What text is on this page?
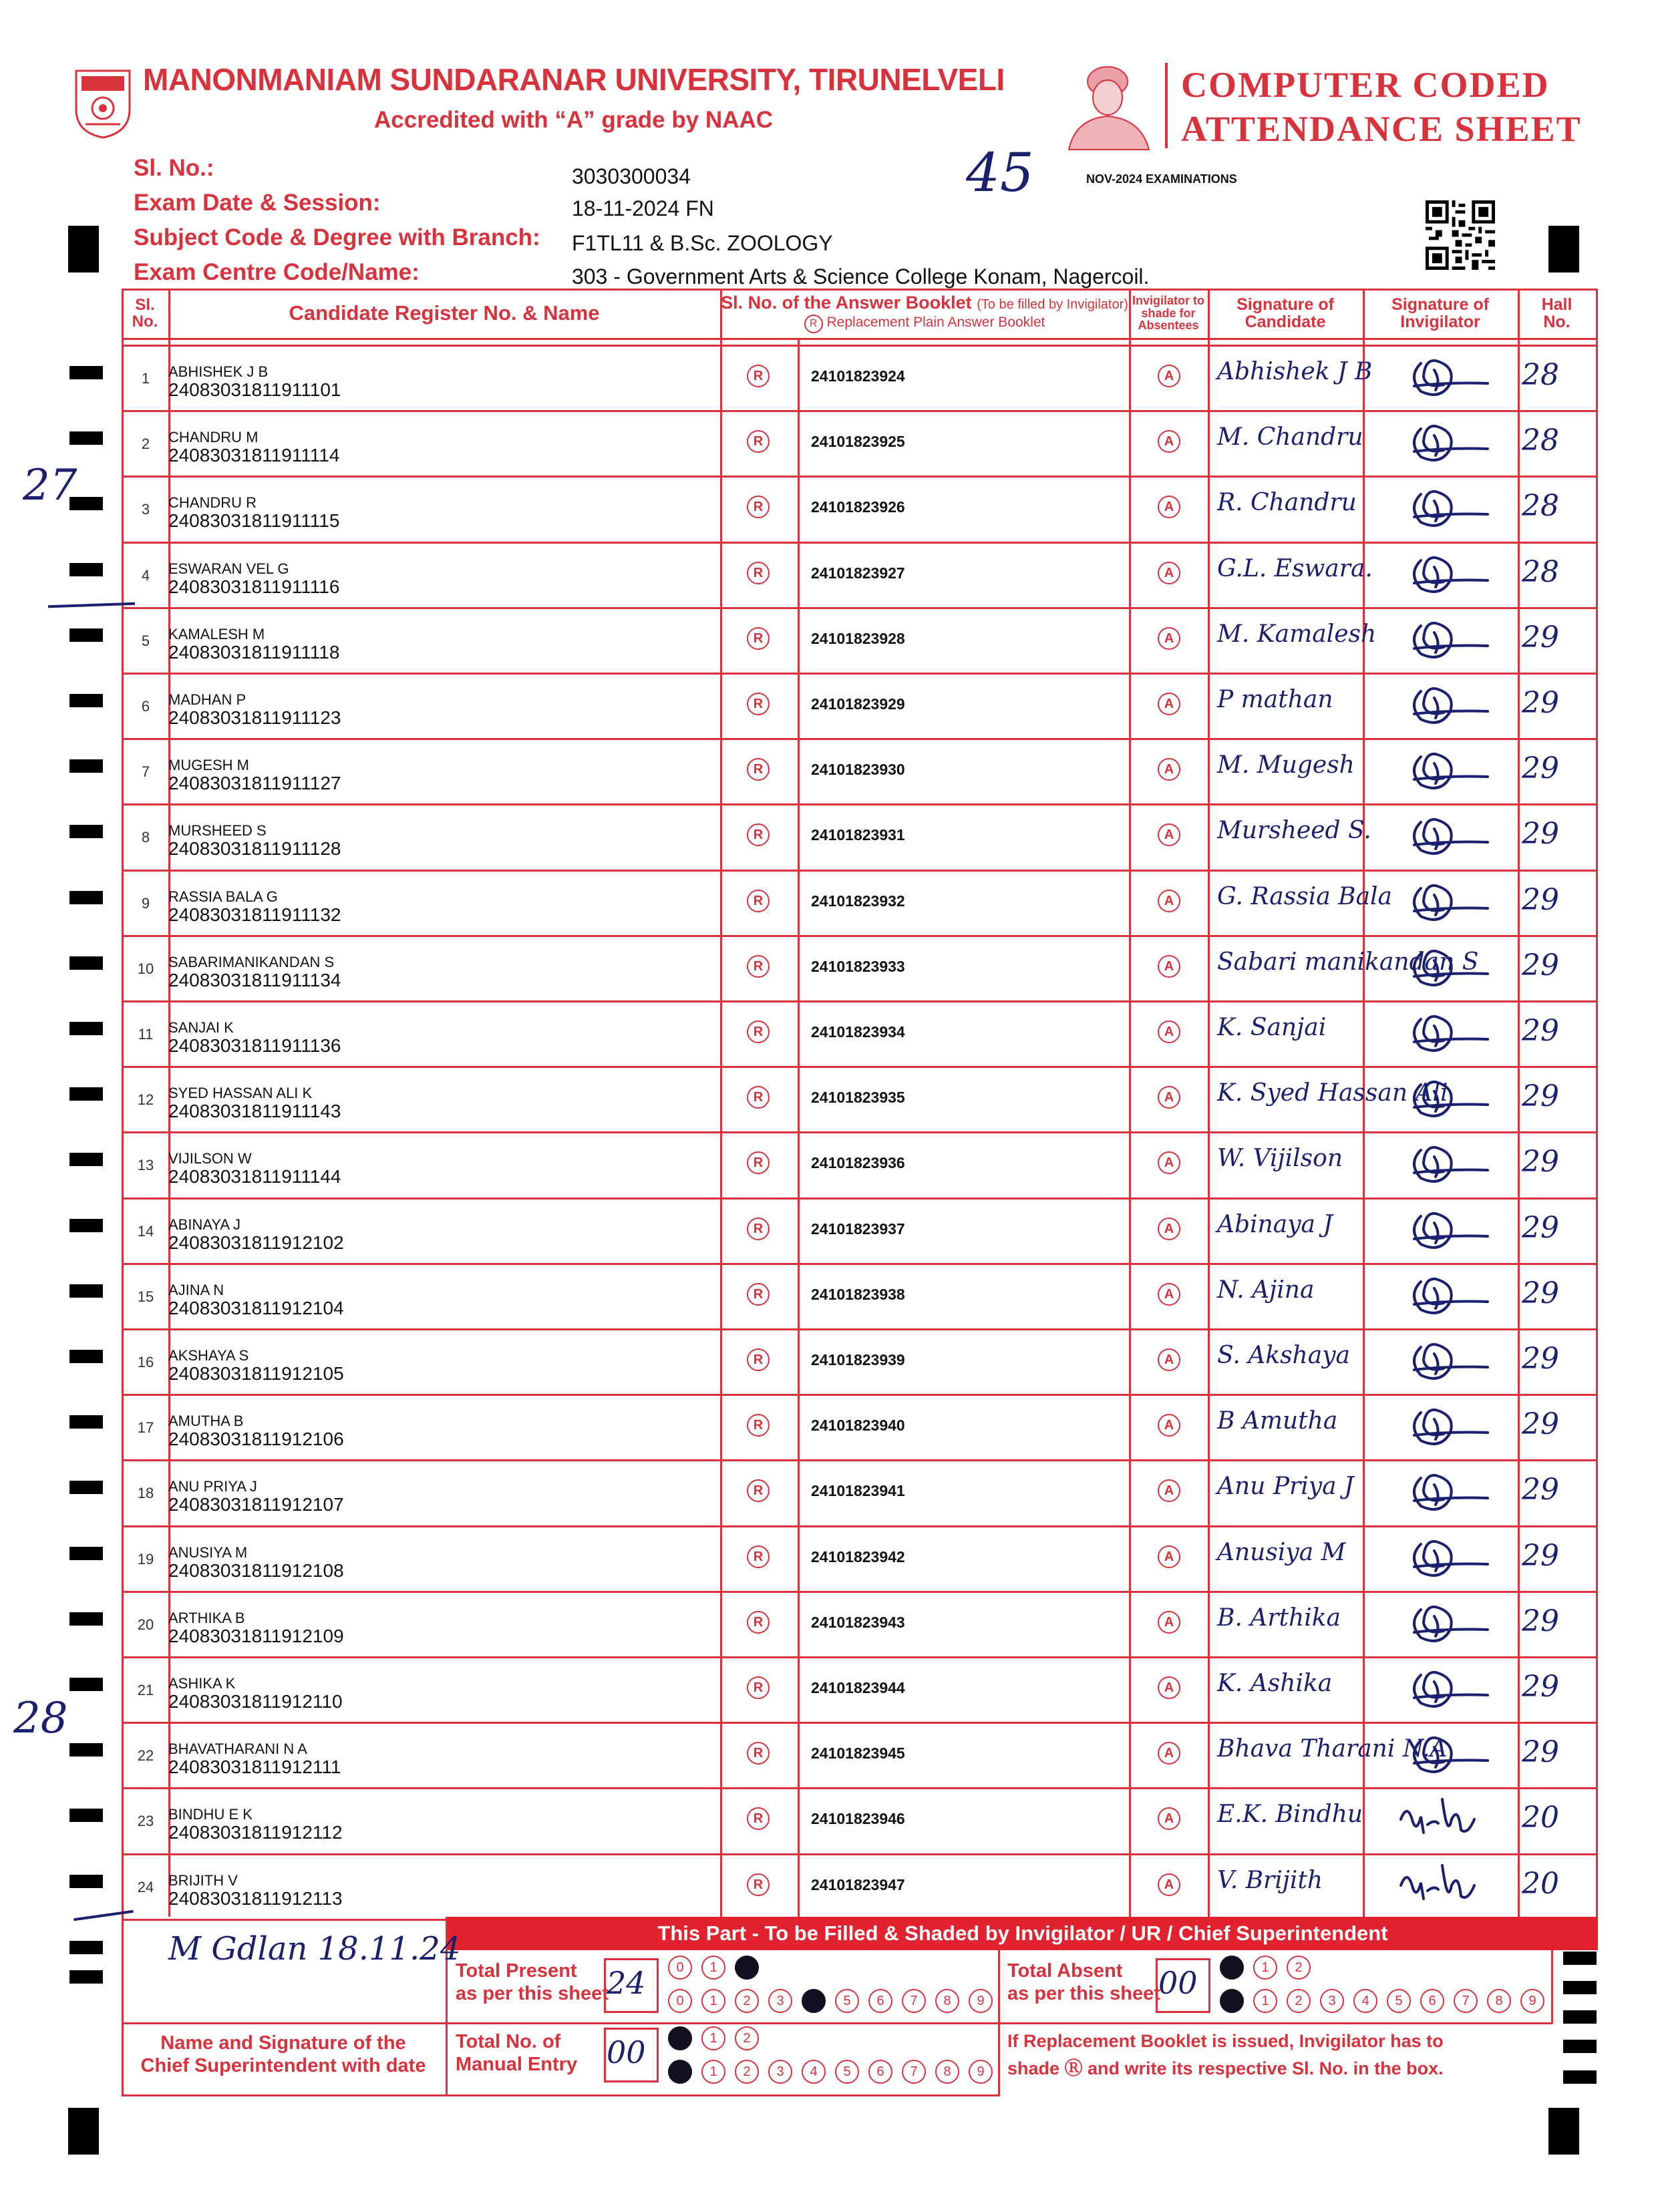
MANONMANIAM SUNDARANAR UNIVERSITY, TIRUNELVELI
Accredited with “A” grade by NAAC
COMPUTER CODED
ATTENDANCE SHEET
Sl. No.:	3030300034
Exam Date & Session:	18-11-2024 FN
Subject Code & Degree with Branch: F1TL11 & B.Sc. ZOOLOGY
Exam Centre Code/Name:	303 - Government Arts & Science College Konam, Nagercoil.
45	NOV-2024 EXAMINATIONS
Sl. No.	Candidate Register No. & Name	Sl. No. of the Answer Booklet (To be filled by Invigilator)
R Replacement Plain Answer Booklet
Invigilator to shade for Absentees
Signature of Candidate
Signature of Invigilator
Hall No.
1	ABHISHEK J B
24083031811911101
R	24101823924	A Abhishek J B	28
2	CHANDRU M
24083031811911114
R	24101823925	A M. Chandru	28
3	CHANDRU R
24083031811911115
R	24101823926	A R. Chandru	28
4	ESWARAN VEL G
24083031811911116
R	24101823927	A G.L. Eswara.	28
5	KAMALESH M
24083031811911118
R	24101823928	A M. Kamalesh	29
6	MADHAN P
24083031811911123
R	24101823929	A P mathan	29
7	MUGESH M
24083031811911127
R	24101823930	A M. Mugesh	29
8	MURSHEED S
24083031811911128
R	24101823931	A Mursheed S.	29
9	RASSIA BALA G
24083031811911132
R	24101823932	A G. Rassia Bala	29
10 SABARIMANIKANDAN S
24083031811911134
R	24101823933	A Sabari manikandan S 29
11	SANJAI K
24083031811911136
R	24101823934	A K. Sanjai	29
12 SYED HASSAN ALI K
24083031811911143
R	24101823935	A K. Syed Hassan Ali	29
13 VIJILSON W
24083031811911144
R	24101823936	A W. Vijilson	29
14 ABINAYA J
24083031811912102
R	24101823937	A Abinaya J	29
15 AJINA N
24083031811912104
R	24101823938	A N. Ajina	29
16 AKSHAYA S
24083031811912105
R	24101823939	A S. Akshaya	29
17 AMUTHA B
24083031811912106
R	24101823940	A B Amutha	29
18 ANU PRIYA J
24083031811912107
R	24101823941	A Anu Priya J	29
19 ANUSIYA M
24083031811912108
R	24101823942	A Anusiya M	29
20 ARTHIKA B
24083031811912109
R	24101823943	A B. Arthika	29
21 ASHIKA K
24083031811912110
R	24101823944	A K. Ashika	29
22 BHAVATHARANI N A
24083031811912111
R	24101823945	A Bhava Tharani N.A	29
23 BINDHU E K
24083031811912112
R	24101823946	A E.K. Bindhu	20
24 BRIJITH V
24083031811912113
R	24101823947	A V. Brijith	20
This Part - To be Filled & Shaded by Invigilator / UR / Chief Superintendent
M Gdlan 18.11.24
Name and Signature of the
Chief Superintendent with date
Total Present
as per this sheet
24	0	1	2
0	1	2	3	4	5	6	7	8	9
Total Absent
as per this sheet
00	0	1	2
0	1	2	3	4	5	6	7	8	9
Total No. of
Manual Entry 00	0	1	2
0	1	2	3	4	5	6	7	8	9
If Replacement Booklet is issued, Invigilator has to
shade Ⓡ and write its respective Sl. No. in the box.
27
28
